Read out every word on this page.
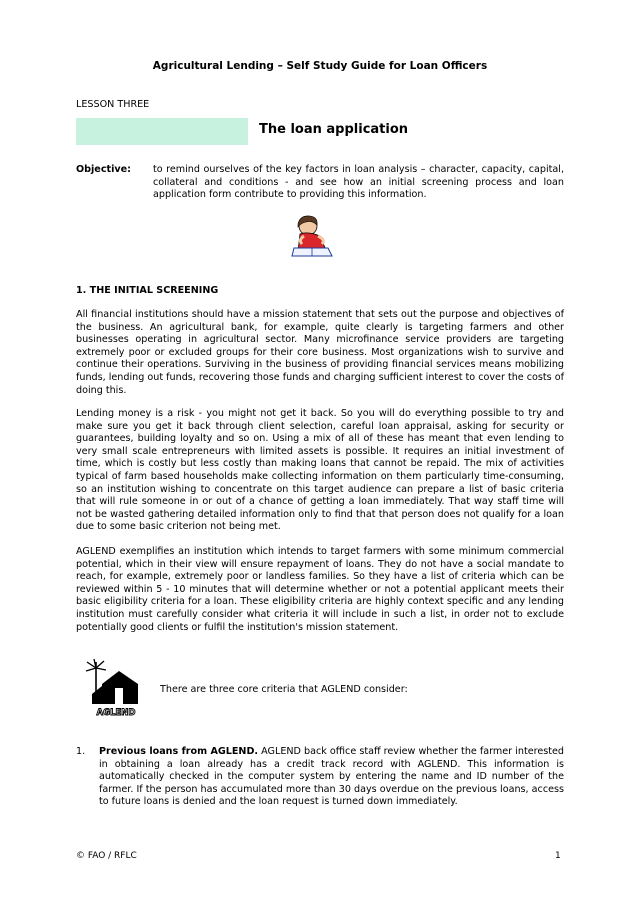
Agricultural Lending – Self Study Guide for Loan Officers
LESSON THREE
The loan application
Objective: to remind ourselves of the key factors in loan analysis – character, capacity, capital, collateral and conditions - and see how an initial screening process and loan application form contribute to providing this information.
1. THE INITIAL SCREENING

All financial institutions should have a mission statement that sets out the purpose and objectives of the business. An agricultural bank, for example, quite clearly is targeting farmers and other businesses operating in agricultural sector. Many microfinance service providers are targeting extremely poor or excluded groups for their core business. Most organizations wish to survive and continue their operations. Surviving in the business of providing financial services means mobilizing funds, lending out funds, recovering those funds and charging sufficient interest to cover the costs of doing this.

Lending money is a risk - you might not get it back. So you will do everything possible to try and make sure you get it back through client selection, careful loan appraisal, asking for security or guarantees, building loyalty and so on. Using a mix of all of these has meant that even lending to very small scale entrepreneurs with limited assets is possible. It requires an initial investment of time, which is costly but less costly than making loans that cannot be repaid. The mix of activities typical of farm based households make collecting information on them particularly time-consuming, so an institution wishing to concentrate on this target audience can prepare a list of basic criteria that will rule someone in or out of a chance of getting a loan immediately. That way staff time will not be wasted gathering detailed information only to find that that person does not qualify for a loan due to some basic criterion not being met.

AGLEND exemplifies an institution which intends to target farmers with some minimum commercial potential, which in their view will ensure repayment of loans. They do not have a social mandate to reach, for example, extremely poor or landless families. So they have a list of criteria which can be reviewed within 5 - 10 minutes that will determine whether or not a potential applicant meets their basic eligibility criteria for a loan. These eligibility criteria are highly context specific and any lending institution must carefully consider what criteria it will include in such a list, in order not to exclude potentially good clients or fulfil the institution's mission statement.

AGLEND
There are three core criteria that AGLEND consider:
1. Previous loans from AGLEND. AGLEND back office staff review whether the farmer interested in obtaining a loan already has a credit track record with AGLEND. This information is automatically checked in the computer system by entering the name and ID number of the farmer. If the person has accumulated more than 30 days overdue on the previous loans, access to future loans is denied and the loan request is turned down immediately.
© FAO / RFLC	1
